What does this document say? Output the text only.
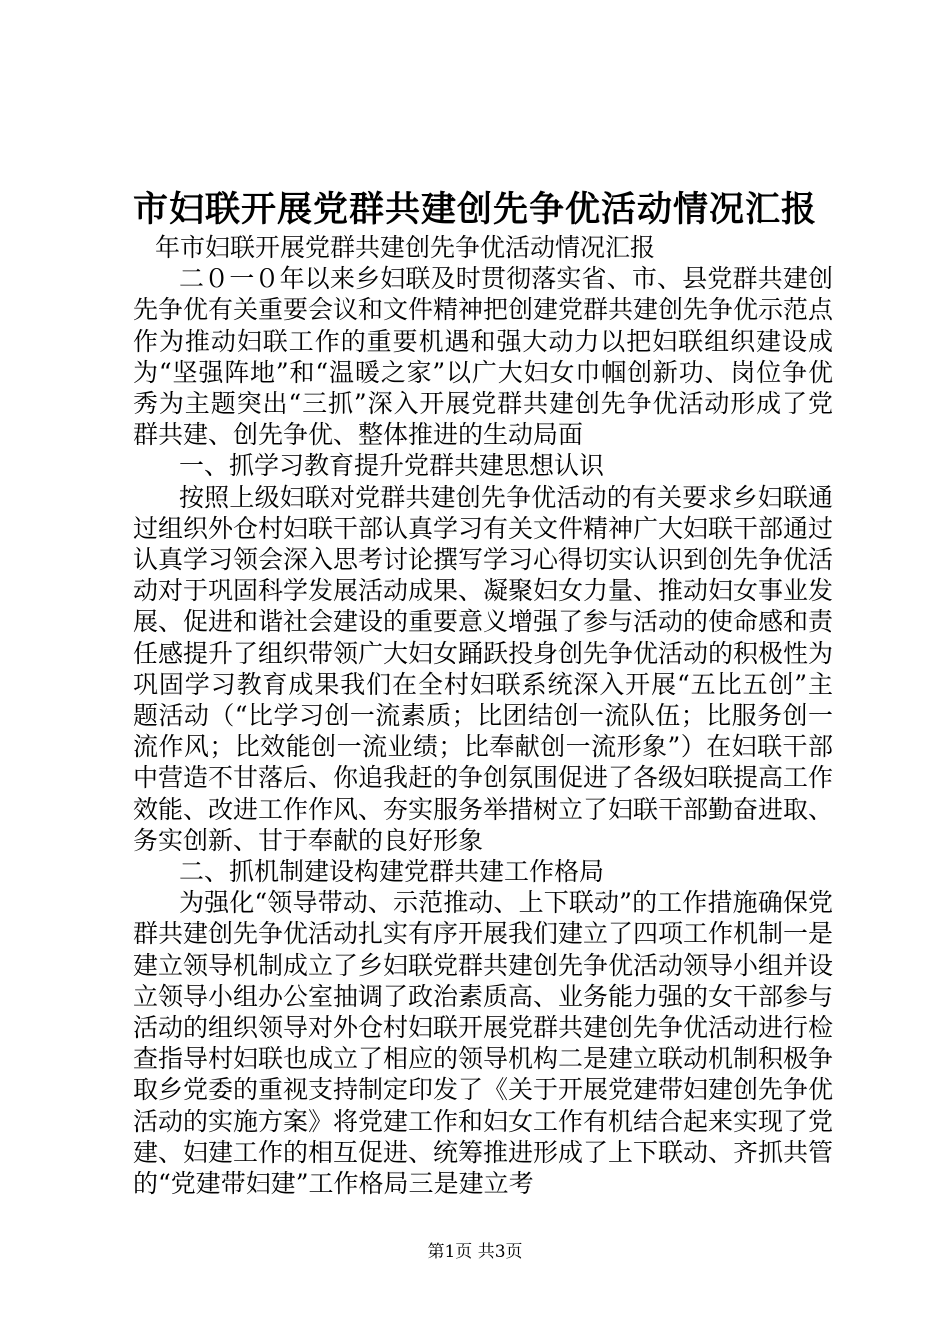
市妇联开展党群共建创先争优活动情况汇报

年市妇联开展党群共建创先争优活动情况汇报

二０一０年以来乡妇联及时贯彻落实省、市、县党群共建创先争优有关重要会议和文件精神把创建党群共建创先争优示范点作为推动妇联工作的重要机遇和强大动力以把妇联组织建设成为“坚强阵地”和“温暖之家”以广大妇女巾帼创新功、岗位争优秀为主题突出“三抓”深入开展党群共建创先争优活动形成了党群共建、创先争优、整体推进的生动局面

一、抓学习教育提升党群共建思想认识

按照上级妇联对党群共建创先争优活动的有关要求乡妇联通过组织外仓村妇联干部认真学习有关文件精神广大妇联干部通过认真学习领会深入思考讨论撰写学习心得切实认识到创先争优活动对于巩固科学发展活动成果、凝聚妇女力量、推动妇女事业发展、促进和谐社会建设的重要意义增强了参与活动的使命感和责任感提升了组织带领广大妇女踊跃投身创先争优活动的积极性为巩固学习教育成果我们在全村妇联系统深入开展“五比五创”主题活动（“比学习创一流素质；比团结创一流队伍；比服务创一流作风；比效能创一流业绩；比奉献创一流形象”）在妇联干部中营造不甘落后、你追我赶的争创氛围促进了各级妇联提高工作效能、改进工作作风、夯实服务举措树立了妇联干部勤奋进取、务实创新、甘于奉献的良好形象

二、抓机制建设构建党群共建工作格局

为强化“领导带动、示范推动、上下联动”的工作措施确保党群共建创先争优活动扎实有序开展我们建立了四项工作机制一是建立领导机制成立了乡妇联党群共建创先争优活动领导小组并设立领导小组办公室抽调了政治素质高、业务能力强的女干部参与活动的组织领导对外仓村妇联开展党群共建创先争优活动进行检查指导村妇联也成立了相应的领导机构二是建立联动机制积极争取乡党委的重视支持制定印发了《关于开展党建带妇建创先争优活动的实施方案》将党建工作和妇女工作有机结合起来实现了党建、妇建工作的相互促进、统筹推进形成了上下联动、齐抓共管的“党建带妇建”工作格局三是建立考

第1页 共3页
